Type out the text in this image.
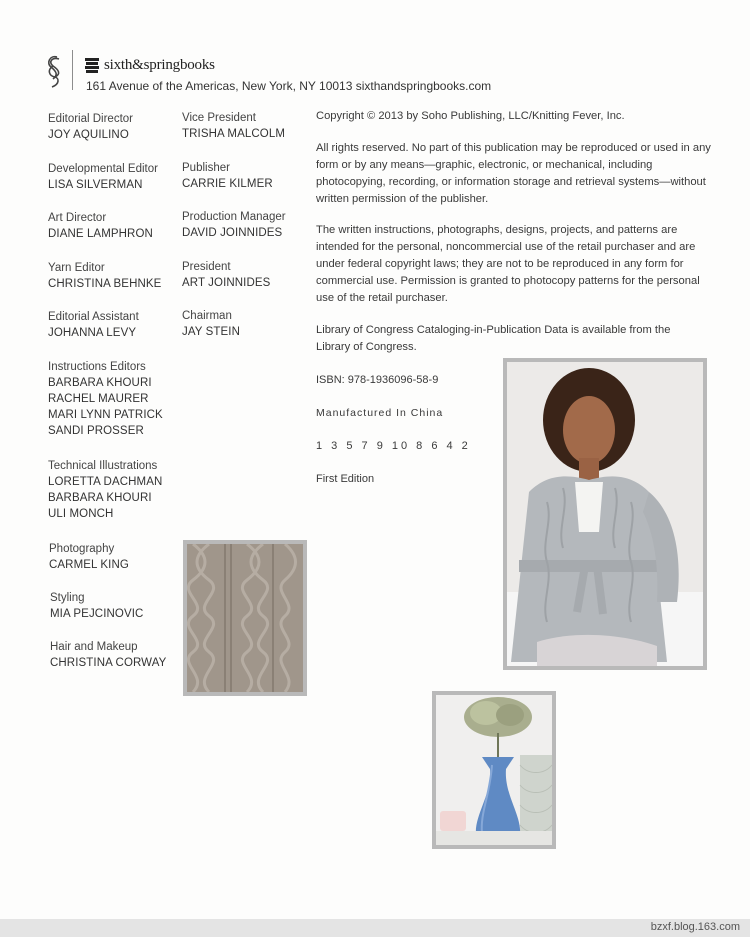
sixth&springbooks
161 Avenue of the Americas, New York, NY 10013 sixthandspringbooks.com
Editorial Director
JOY AQUILINO
Developmental Editor
LISA SILVERMAN
Art Director
DIANE LAMPHRON
Yarn Editor
CHRISTINA BEHNKE
Editorial Assistant
JOHANNA LEVY
Instructions Editors
BARBARA KHOURI
RACHEL MAURER
MARI LYNN PATRICK
SANDI PROSSER
Technical Illustrations
LORETTA DACHMAN
BARBARA KHOURI
ULI MONCH
Photography
CARMEL KING
Styling
MIA PEJCINOVIC
Hair and Makeup
CHRISTINA CORWAY
Vice President
TRISHA MALCOLM
Publisher
CARRIE KILMER
Production Manager
DAVID JOINNIDES
President
ART JOINNIDES
Chairman
JAY STEIN
Copyright © 2013 by Soho Publishing, LLC/Knitting Fever, Inc.
All rights reserved. No part of this publication may be reproduced or used in any form or by any means—graphic, electronic, or mechanical, including photocopying, recording, or information storage and retrieval systems—without written permission of the publisher.
The written instructions, photographs, designs, projects, and patterns are intended for the personal, noncommercial use of the retail purchaser and are under federal copyright laws; they are not to be reproduced in any form for commercial use. Permission is granted to photocopy patterns for the personal use of the retail purchaser.
Library of Congress Cataloging-in-Publication Data is available from the Library of Congress.
ISBN: 978-1936096-58-9
Manufactured In China
1 3 5 7 9 10 8 6 4 2
First Edition
bzxf.blog.163.com
